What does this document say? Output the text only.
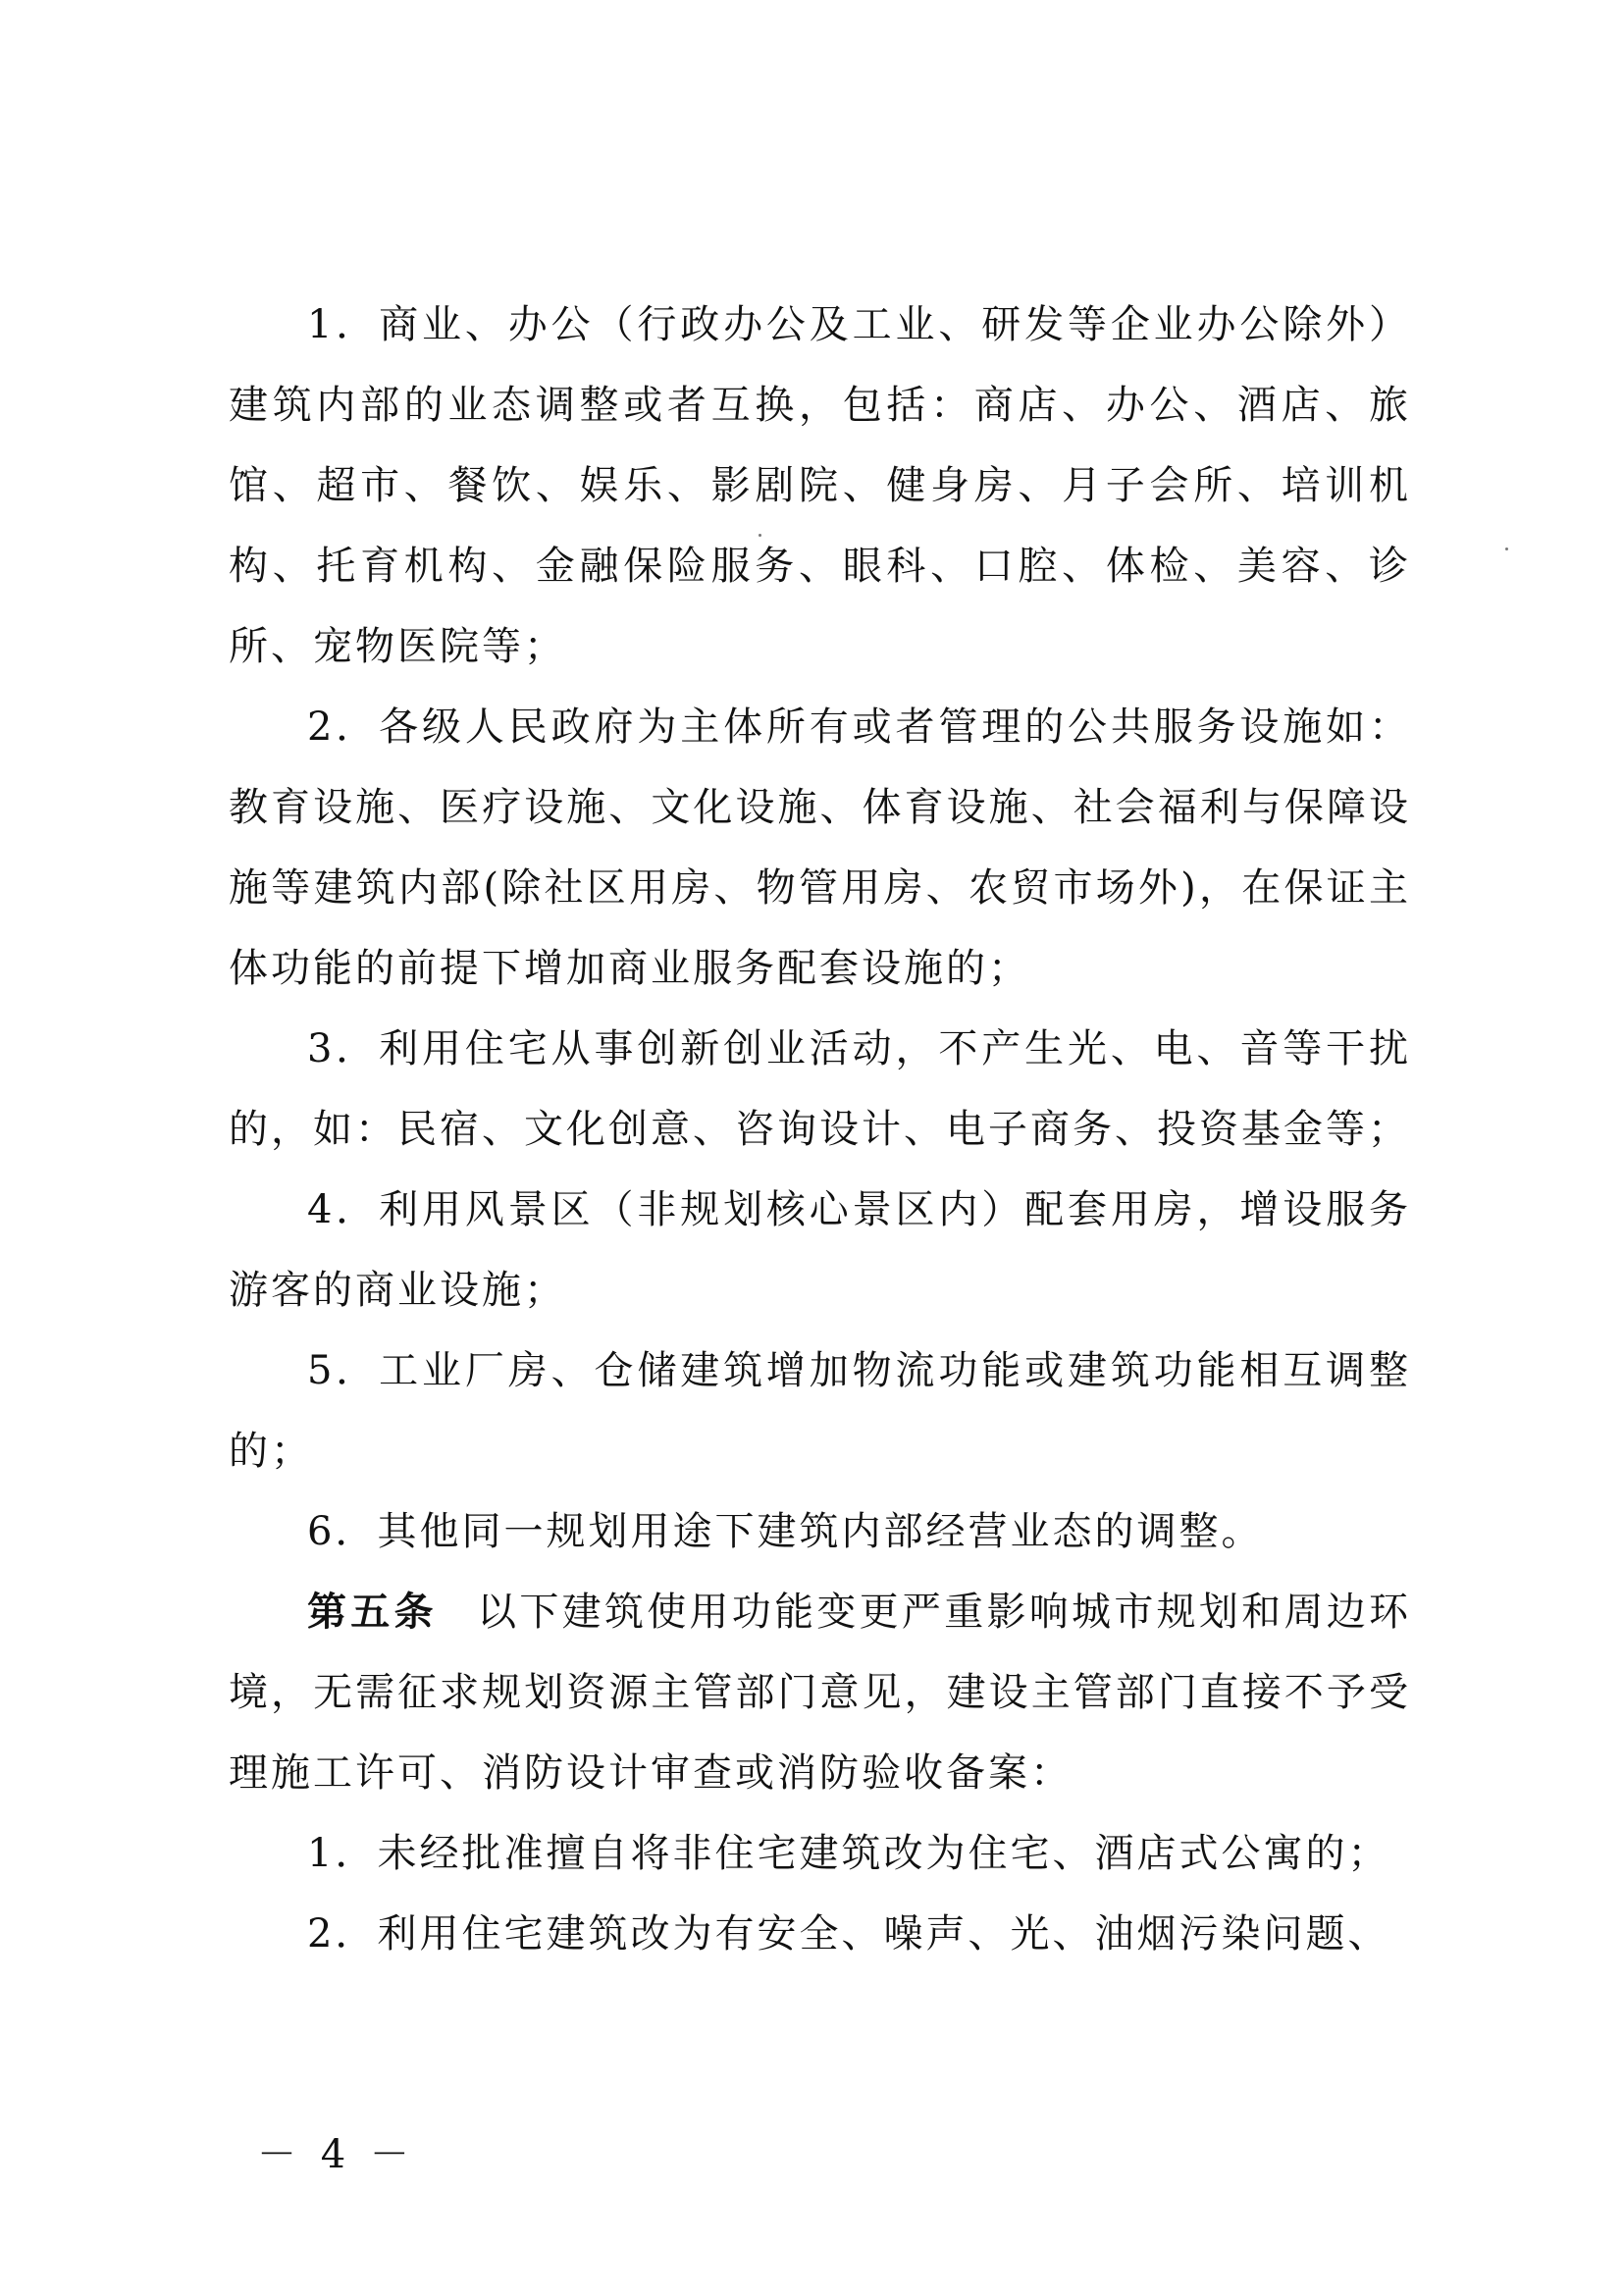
1．商业、办公（行政办公及工业、研发等企业办公除外）建筑内部的业态调整或者互换，包括：商店、办公、酒店、旅馆、超市、餐饮、娱乐、影剧院、健身房、月子会所、培训机构、托育机构、金融保险服务、眼科、口腔、体检、美容、诊所、宠物医院等；

2．各级人民政府为主体所有或者管理的公共服务设施如：教育设施、医疗设施、文化设施、体育设施、社会福利与保障设施等建筑内部(除社区用房、物管用房、农贸市场外)，在保证主体功能的前提下增加商业服务配套设施的；

3．利用住宅从事创新创业活动，不产生光、电、音等干扰的，如：民宿、文化创意、咨询设计、电子商务、投资基金等；

4．利用风景区（非规划核心景区内）配套用房，增设服务游客的商业设施；

5．工业厂房、仓储建筑增加物流功能或建筑功能相互调整的；

6．其他同一规划用途下建筑内部经营业态的调整。

第五条 以下建筑使用功能变更严重影响城市规划和周边环境，无需征求规划资源主管部门意见，建设主管部门直接不予受理施工许可、消防设计审查或消防验收备案：

1．未经批准擅自将非住宅建筑改为住宅、酒店式公寓的；

2．利用住宅建筑改为有安全、噪声、光、油烟污染问题、

－ 4 －
